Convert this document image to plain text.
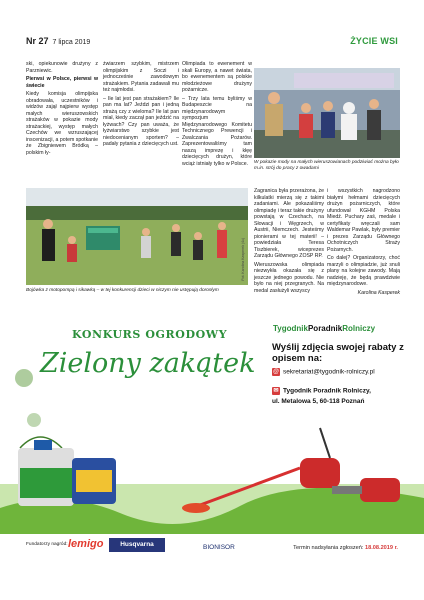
Nr 27 7 lipca 2019	ŻYCIE WSI

ski, opiekunowie drużyny z Parzniewic.

Pierwsi w Polsce, pierwsi w świecie

Kiedy komisja olimpijska obradowała, uczestników i widzów zajął najpierw występ małych wieruszowskich strażaków w pokazie mody strażackiej, występ małych Czechów we wzruszającej inscenizacji, a potem spotkanie że Zbigniewem Bródką – polskim ły-

żwiarzem szybkim, mistrzem olimpijskim z Soczi i jednocześnie zawodowym strażakiem. Pytania zadawali mu też najmłodsi.

– Ile lat jest pan strażakiem? Ile pan ma lat? Jeździ pan i jedną strażą czy z wieloma? Ile lat pan miał, kiedy zaczął pan jeździć na łyżwach? Czy pan uważa, że łyżwiarstwo szybkie jest niedocenianym sportem? – padały pytania z dziecięcych ust.

Olimpiada to ewenement w skali Europy, a nawet świata, bo ewenementem są polskie młodzieżowe drużyny pożarnicze.

– Trzy lata temu byliśmy w Budapeszcie na międzynarodowym sympozjum Międzynarodowego Komitetu Technicznego Prewencji i Zwalczania Pożarów. Zaprezentowaliśmy tam naszą imprezę i kłęę dziecięcych drużyn, które wciąż istniały tylko w Polsce.	W pokazie mody na małych wieruszowianach podziwiać można było m.in. strój do pracy z owadami
Fot. Karolina Kasperek (4x)
Bojówka z motopompą i sikawką – w tej konkurencji dzieci w niczym nie ustępują dorosłym

Zagranica była przerażona, że kilkulatki mierzą się z takimi zadaniami. Ale pokazaliśmy olimpiadę i teraz takie drużyny powstają w Czechach, na Słowacji i Węgrzech, w Austrii, Niemczech. Jesteśmy pionierami w tej materii! – powiedziała Teresa Tiszbierek, wiceprezes Zarządu Głównego ZOSP RP.

Wieruszowska olimpiada niezwykła okazała się z jeszcze jednego powodu. Nie było na niej przegranych. Na medal zasłużyli wszyscy

i wszystkich nagrodzono białymi hełmami dziecięcych drużyn pożarniczych, które ufundował KGHM Polska Miedź. Puchary zaś, medale i certyfikaty wręczali sam Waldemar Pawlak, były premier i prezes Zarządu Głównego Ochotniczych Straży Pożarnych.

Co dalej? Organizatorzy, choć marzyli o olimpiadzie, już snuli plany na kolejne zawody. Mają nadzieję, że będą prawdziwie międzynarodowe.

Karolina Kasperek

KONKURS OGRODOWY
Zielony zakątek
TygodnikPoradnikRolniczy
Wyślij zdjęcia swojej rabaty z opisem na:
@ sekretariat@tygodnik-rolniczy.pl
✉ Tygodnik Poradnik Rolniczy,
ul. Metalowa 5, 60-118 Poznań
Fundatorzy nagród: lemigo	Husqvarna	BIONISOR	Termin nadsyłania zgłoszeń: 18.08.2019 r.
